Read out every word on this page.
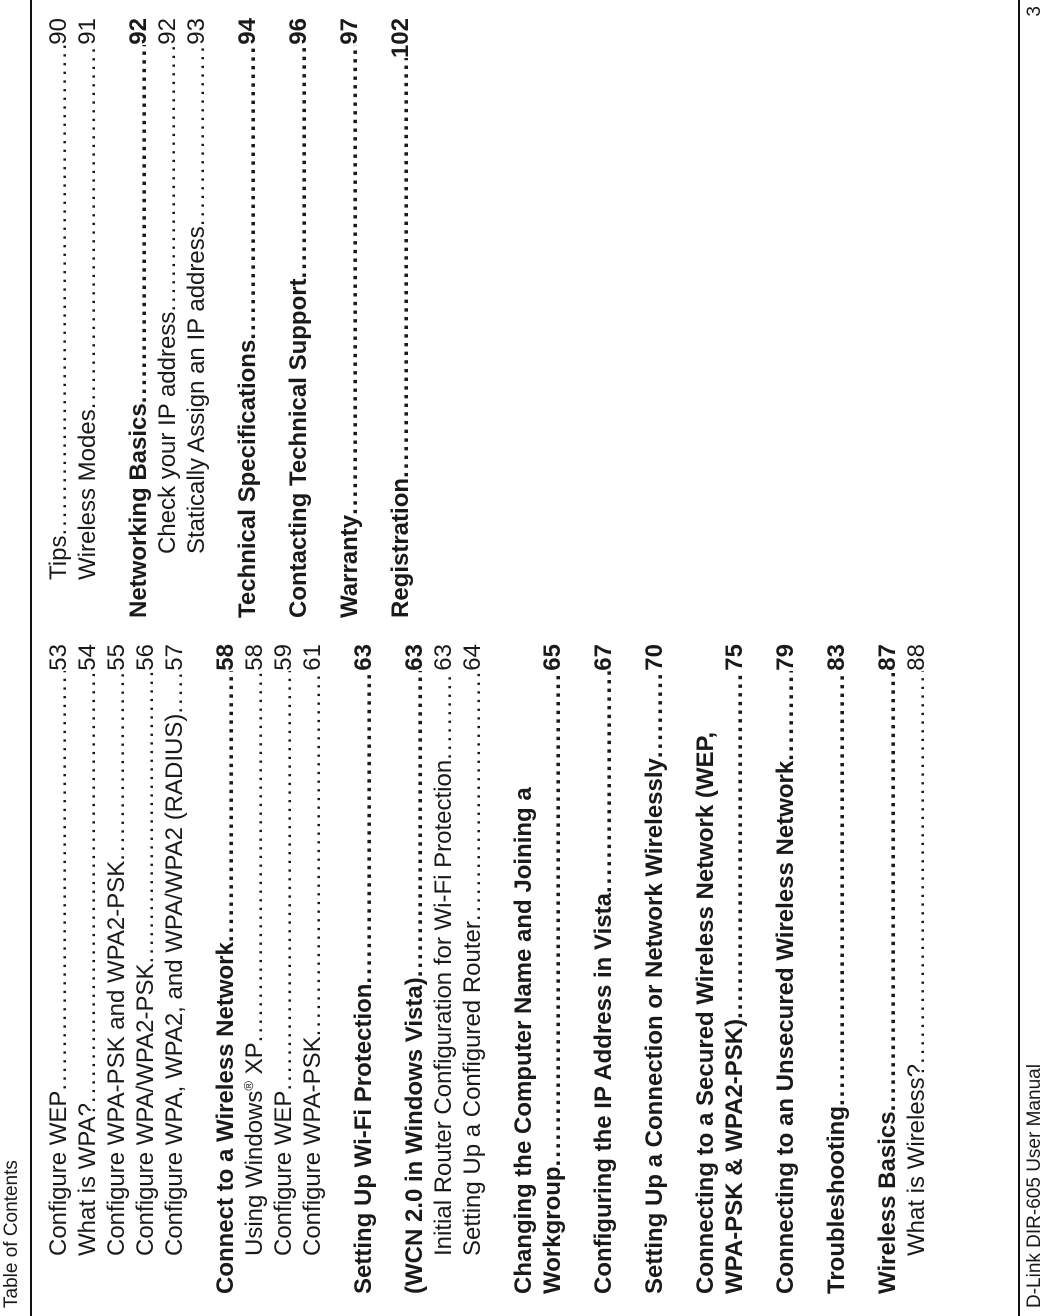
Table of Contents Configure WEP
.....
53
What is WPA?
.....
54
Configure WPA-PSK and WPA2-PSK
.....
55
Configure WPA/WPA2-PSK
.....
56
Configure WPA, WPA2, and WPA/WPA2 (RADIUS)
.....
57
Connect to a Wireless Network
.....
58
Using Windows® XP
.....
58
Configure WEP
.....
59
Configure WPA-PSK
.....
61
Setting Up Wi-Fi Protection
.....
63
(WCN 2.0 in Windows Vista)
.....
63
Initial Router Configuration for Wi-Fi Protection
.....
63
Setting Up a Configured Router
.....
64
Changing the Computer Name and Joining a Workgroup
.....
65
Configuring the IP Address in Vista
.....
67
Setting Up a Connection or Network Wirelessly
.....
70
Connecting to a Secured Wireless Network (WEP, WPA-PSK & WPA2-PSK)
.....
75
Connecting to an Unsecured Wireless Network
.....
79
Troubleshooting
.....
83
Wireless Basics
.....
87
What is Wireless?
.....
88
Tips
.....
90
Wireless Modes
.....
91
Networking Basics
.....
92
Check your IP address
.....
92
Statically Assign an IP address
.....
93
Technical Specifications
.....
94
Contacting Technical Support
.....
96
Warranty
.....
97
Registration
.....
102
D-Link DIR-605 User Manual
3
